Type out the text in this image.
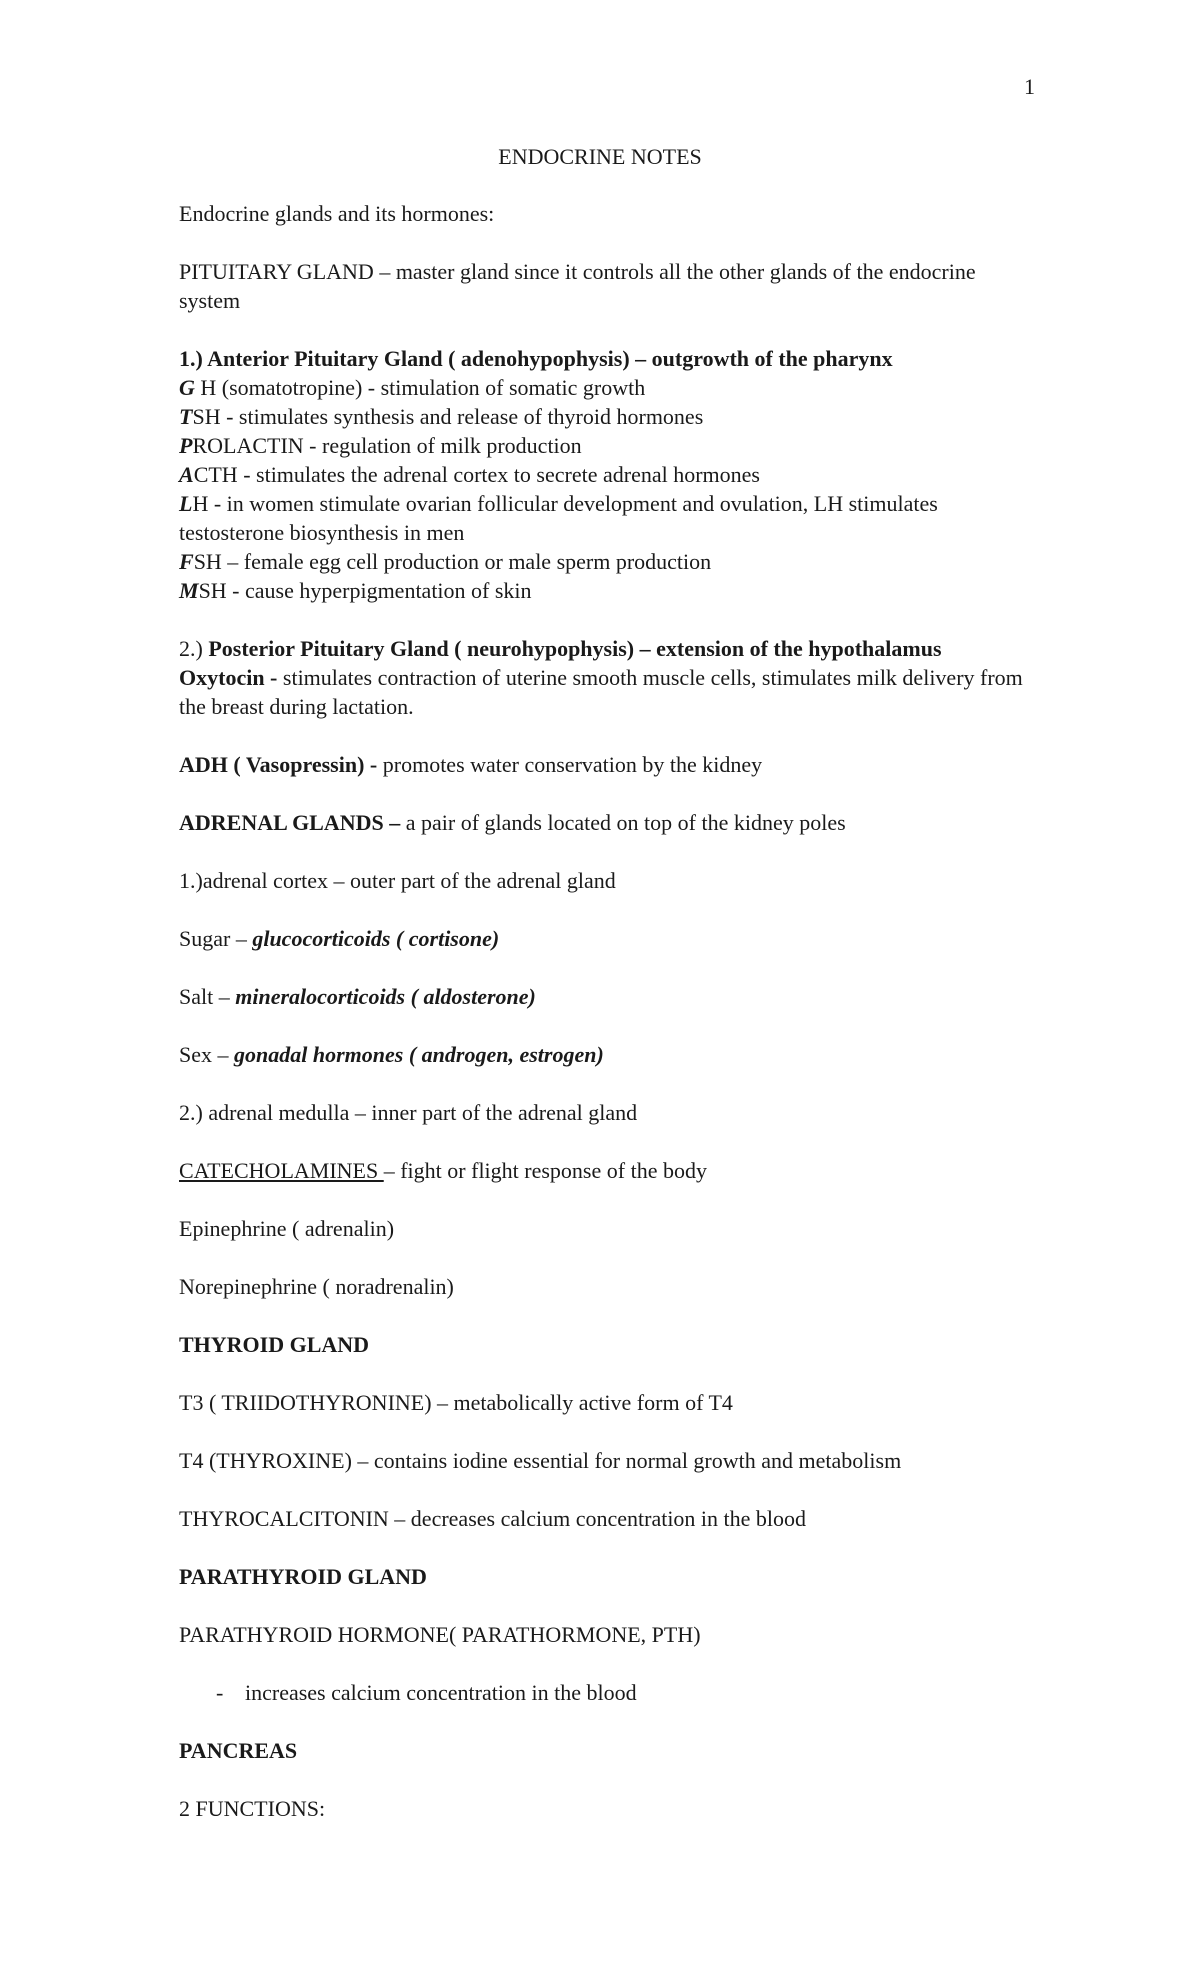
1
ENDOCRINE NOTES

Endocrine glands and its hormones:

PITUITARY GLAND – master gland since it controls all the other glands of the endocrine system

1.) Anterior Pituitary Gland ( adenohypophysis) – outgrowth of the pharynx

G H (somatotropine) - stimulation of somatic growth

TSH - stimulates synthesis and release of thyroid hormones

PROLACTIN - regulation of milk production

ACTH - stimulates the adrenal cortex to secrete adrenal hormones

LH - in women stimulate ovarian follicular development and ovulation, LH stimulates testosterone biosynthesis in men

FSH – female egg cell production or male sperm production

MSH - cause hyperpigmentation of skin

2.) Posterior Pituitary Gland ( neurohypophysis) – extension of the hypothalamus

Oxytocin - stimulates contraction of uterine smooth muscle cells, stimulates milk delivery from the breast during lactation.

ADH ( Vasopressin) - promotes water conservation by the kidney

ADRENAL GLANDS – a pair of glands located on top of the kidney poles

1.)adrenal cortex – outer part of the adrenal gland

Sugar – glucocorticoids ( cortisone)

Salt – mineralocorticoids ( aldosterone)

Sex – gonadal hormones ( androgen, estrogen)

2.) adrenal medulla – inner part of the adrenal gland

CATECHOLAMINES – fight or flight response of the body

Epinephrine ( adrenalin)

Norepinephrine ( noradrenalin)

THYROID GLAND

T3 ( TRIIDOTHYRONINE) – metabolically active form of T4

T4 (THYROXINE) – contains iodine essential for normal growth and metabolism

THYROCALCITONIN – decreases calcium concentration in the blood

PARATHYROID GLAND

PARATHYROID HORMONE( PARATHORMONE, PTH)

- increases calcium concentration in the blood

PANCREAS

2 FUNCTIONS:
